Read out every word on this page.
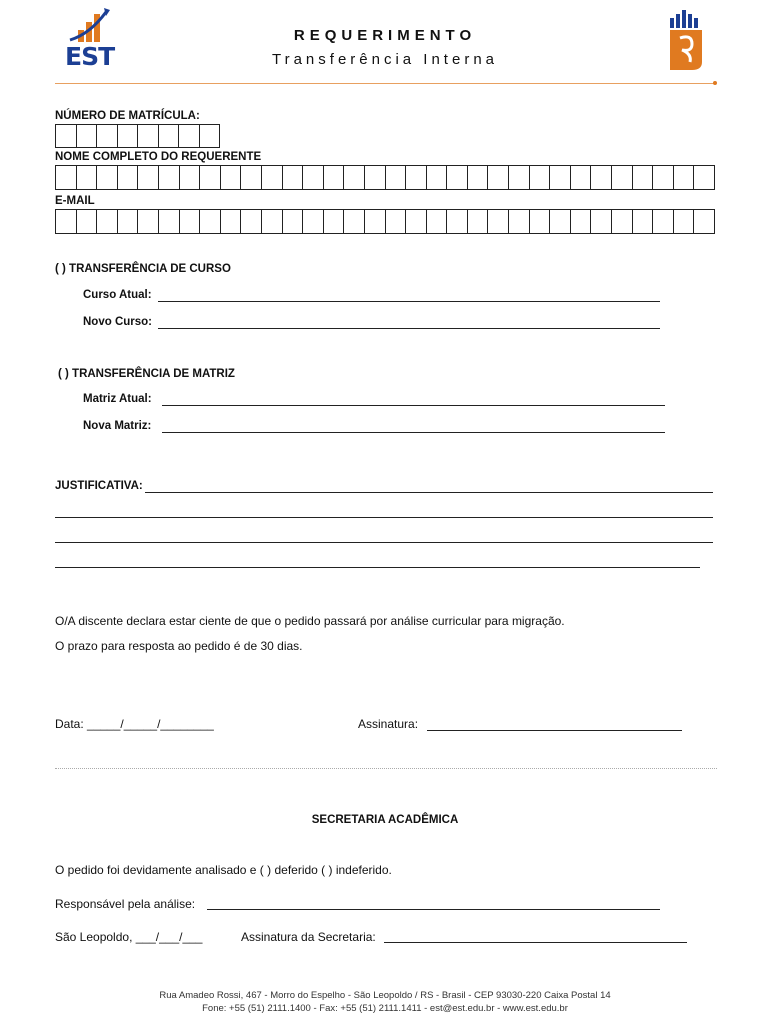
EST
REQUERIMENTO
Transferência Interna
NÚMERO DE MATRÍCULA:
NOME COMPLETO DO REQUERENTE
E-MAIL
( ) TRANSFERÊNCIA DE CURSO
Curso Atual:
Novo Curso:
( ) TRANSFERÊNCIA DE MATRIZ
Matriz Atual:
Nova Matriz:
JUSTIFICATIVA:
O/A discente declara estar ciente de que o pedido passará por análise curricular para migração.
O prazo para resposta ao pedido é de 30 dias.
Data: _____/_____/________	Assinatura:
SECRETARIA ACADÊMICA
O pedido foi devidamente analisado e ( ) deferido ( ) indeferido.
Responsável pela análise:
São Leopoldo, ___/___/___	Assinatura da Secretaria:
Rua Amadeo Rossi, 467 - Morro do Espelho - São Leopoldo / RS - Brasil - CEP 93030-220 Caixa Postal 14
Fone: +55 (51) 2111.1400 - Fax: +55 (51) 2111.1411 - est@est.edu.br - www.est.edu.br
